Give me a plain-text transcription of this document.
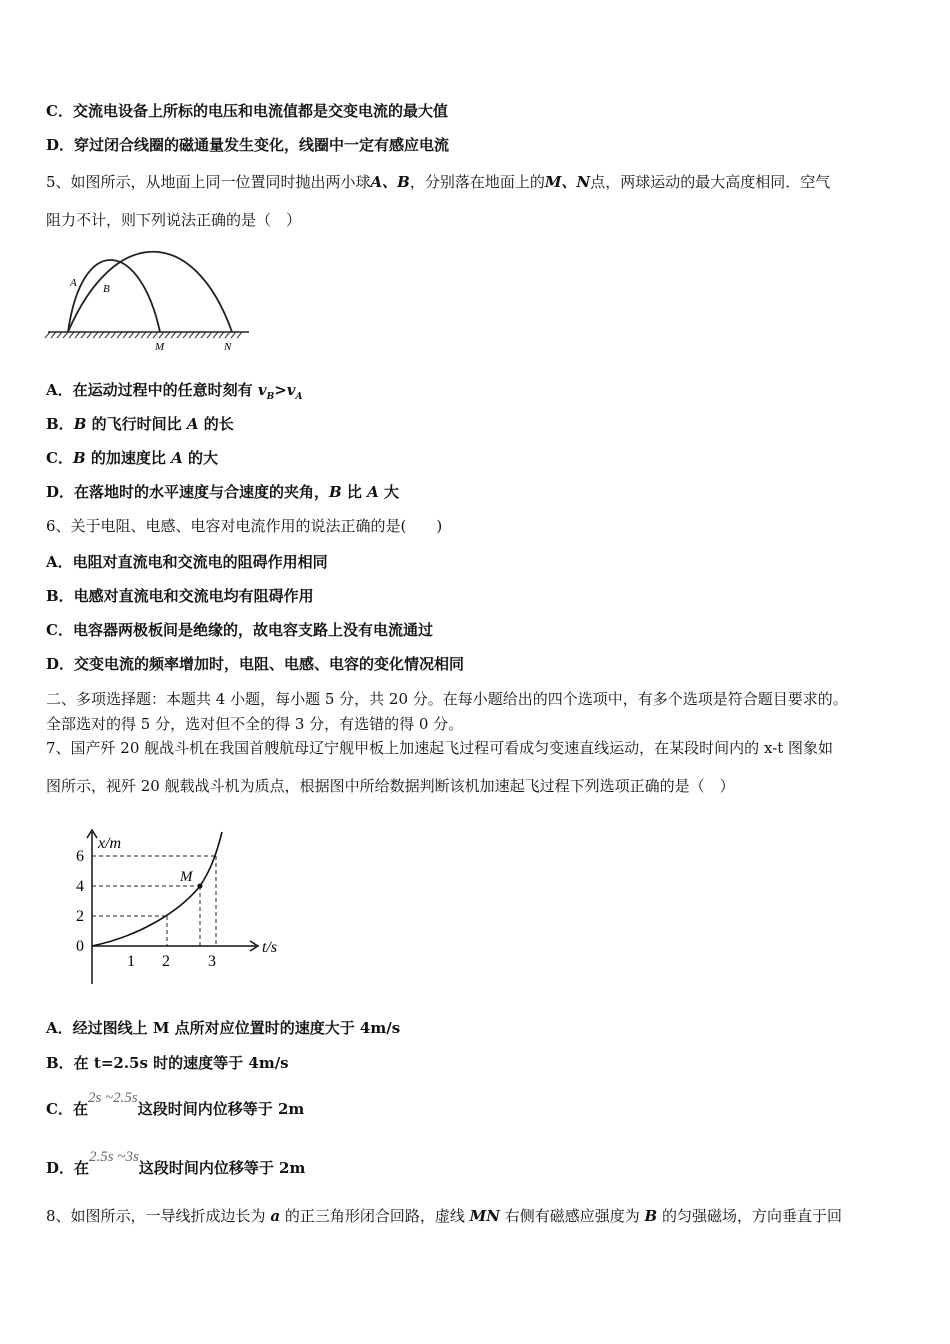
C．交流电设备上所标的电压和电流值都是交变电流的最大值
D．穿过闭合线圈的磁通量发生变化，线圈中一定有感应电流
5、如图所示，从地面上同一位置同时抛出两小球A、B，分别落在地面上的M、N点，两球运动的最大高度相同．空气
阻力不计，则下列说法正确的是（　）
A B
M	N
A．在运动过程中的任意时刻有 $v_B>v_A$
B．B 的飞行时间比 A 的长
C．B 的加速度比 A 的大
D．在落地时的水平速度与合速度的夹角，B 比 A 大
6、关于电阻、电感、电容对电流作用的说法正确的是(　　)
A．电阻对直流电和交流电的阻碍作用相同
B．电感对直流电和交流电均有阻碍作用
C．电容器两极板间是绝缘的，故电容支路上没有电流通过
D．交变电流的频率增加时，电阻、电感、电容的变化情况相同
二、多项选择题：本题共 4 小题，每小题 5 分，共 20 分。在每小题给出的四个选项中，有多个选项是符合题目要求的。
全部选对的得 5 分，选对但不全的得 3 分，有选错的得 0 分。
7、国产歼 20 舰战斗机在我国首艘航母辽宁舰甲板上加速起飞过程可看成匀变速直线运动，在某段时间内的 x-t 图象如
图所示，视歼 20 舰载战斗机为质点，根据图中所给数据判断该机加速起飞过程下列选项正确的是（　）
x/m
t/s
M
6
4
2
0
1 2 3
A．经过图线上 M 点所对应位置时的速度大于 4m/s
B．在 t=2.5s 时的速度等于 4m/s
C．在2s ~2.5s这段时间内位移等于 2m
D．在2.5s ~3s这段时间内位移等于 2m
8、如图所示，一导线折成边长为 a 的正三角形闭合回路，虚线 MN 右侧有磁感应强度为 B 的匀强磁场，方向垂直于回
